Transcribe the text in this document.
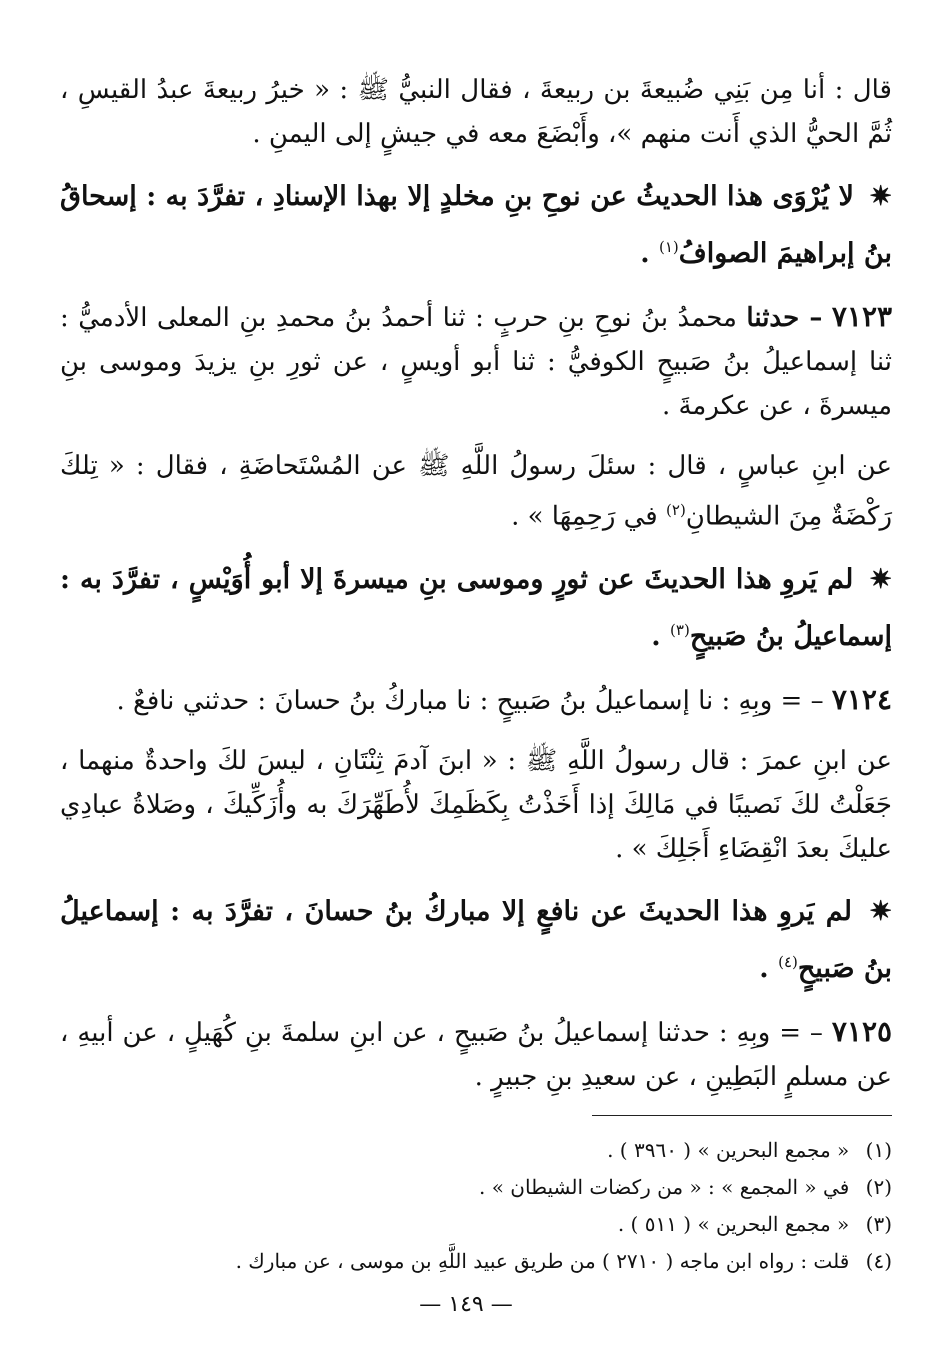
قال : أنا مِن بَنِي ضُبيعةَ بن ربيعةَ ، فقال النبيُّ ﷺ : « خيرُ ربيعةَ عبدُ القيسِ ، ثُمَّ الحيُّ الذي أَنت منهم »، وأَبْضَعَ معه في جيشٍ إلى اليمنِ .

✷ لا يُرْوَى هذا الحديثُ عن نوحِ بنِ مخلدٍ إلا بهذا الإسنادِ ، تفرَّدَ به : إسحاقُ بنُ إبراهيمَ الصوافُ$^{(١)}$ .

٧١٢٣ – حدثنا محمدُ بنُ نوحِ بنِ حربٍ : ثنا أحمدُ بنُ محمدِ بنِ المعلى الأدميُّ : ثنا إسماعيلُ بنُ صَبيحٍ الكوفيُّ : ثنا أبو أويسٍ ، عن ثورِ بنِ يزيدَ وموسى بنِ ميسرةَ ، عن عكرمةَ .

عن ابنِ عباسٍ ، قال : سئلَ رسولُ اللَّهِ ﷺ عن المُسْتَحاضَةِ ، فقال : « تِلكَ رَكْضَةٌ مِنَ الشيطانِ$^{(٢)}$ في رَحِمِهَا » .

✷ لم يَروِ هذا الحديثَ عن ثورٍ وموسى بنِ ميسرةَ إلا أبو أُوَيْسٍ ، تفرَّدَ به : إسماعيلُ بنُ صَبيحٍ$^{(٣)}$ .

٧١٢٤ – = وبِهِ : نا إسماعيلُ بنُ صَبيحٍ : نا مباركُ بنُ حسانَ : حدثني نافعٌ .

عن ابنِ عمرَ : قال رسولُ اللَّهِ ﷺ : « ابنَ آدمَ ثِنْتَانِ ، ليسَ لكَ واحدةٌ منهما ، جَعَلْتُ لكَ نَصيبًا في مَالِكَ إذا أَخَذْتُ بِكَظَمِكَ لأُطَهِّرَكَ به وأُزَكِّيكَ ، وصَلاةُ عبادِي عليكَ بعدَ انْقِضَاءِ أَجَلِكَ » .

✷ لم يَروِ هذا الحديثَ عن نافعٍ إلا مباركُ بنُ حسانَ ، تفرَّدَ به : إسماعيلُ بنُ صَبيحٍ$^{(٤)}$ .

٧١٢٥ – = وبِهِ : حدثنا إسماعيلُ بنُ صَبيحٍ ، عن ابنِ سلمةَ بنِ كُهَيلٍ ، عن أبيهِ ، عن مسلمٍ البَطِينِ ، عن سعيدِ بنِ جبيرٍ .

(١) « مجمع البحرين » ( ٣٩٦٠ ) .
(٢) في « المجمع » : « من ركضات الشيطان » .
(٣) « مجمع البحرين » ( ٥١١ ) .
(٤) قلت : رواه ابن ماجه ( ٢٧١٠ ) من طريق عبيد اللَّهِ بن موسى ، عن مبارك .
— ١٤٩ —
